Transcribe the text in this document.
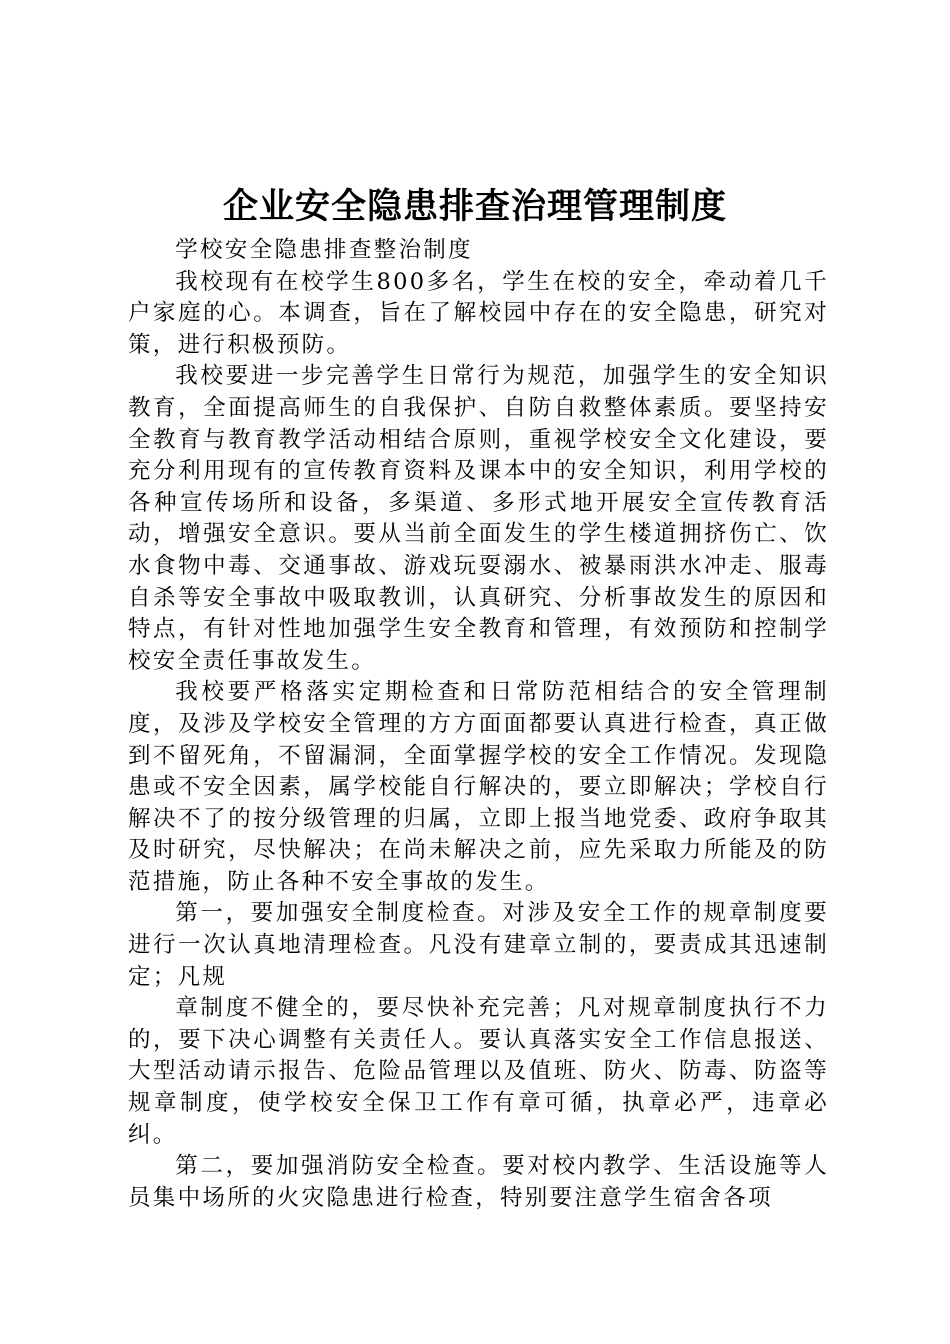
企业安全隐患排查治理管理制度

学校安全隐患排查整治制度

我校现有在校学生800多名，学生在校的安全，牵动着几千户家庭的心。本调查，旨在了解校园中存在的安全隐患，研究对策，进行积极预防。

我校要进一步完善学生日常行为规范，加强学生的安全知识教育，全面提高师生的自我保护、自防自救整体素质。要坚持安全教育与教育教学活动相结合原则，重视学校安全文化建设，要充分利用现有的宣传教育资料及课本中的安全知识，利用学校的各种宣传场所和设备，多渠道、多形式地开展安全宣传教育活动，增强安全意识。要从当前全面发生的学生楼道拥挤伤亡、饮水食物中毒、交通事故、游戏玩耍溺水、被暴雨洪水冲走、服毒自杀等安全事故中吸取教训，认真研究、分析事故发生的原因和特点，有针对性地加强学生安全教育和管理，有效预防和控制学校安全责任事故发生。

我校要严格落实定期检查和日常防范相结合的安全管理制度，及涉及学校安全管理的方方面面都要认真进行检查，真正做到不留死角，不留漏洞，全面掌握学校的安全工作情况。发现隐患或不安全因素，属学校能自行解决的，要立即解决；学校自行解决不了的按分级管理的归属，立即上报当地党委、政府争取其及时研究，尽快解决；在尚未解决之前，应先采取力所能及的防范措施，防止各种不安全事故的发生。

第一，要加强安全制度检查。对涉及安全工作的规章制度要进行一次认真地清理检查。凡没有建章立制的，要责成其迅速制定；凡规

章制度不健全的，要尽快补充完善；凡对规章制度执行不力的，要下决心调整有关责任人。要认真落实安全工作信息报送、大型活动请示报告、危险品管理以及值班、防火、防毒、防盗等规章制度，使学校安全保卫工作有章可循，执章必严，违章必纠。

第二，要加强消防安全检查。要对校内教学、生活设施等人员集中场所的火灾隐患进行检查，特别要注意学生宿舍各项
